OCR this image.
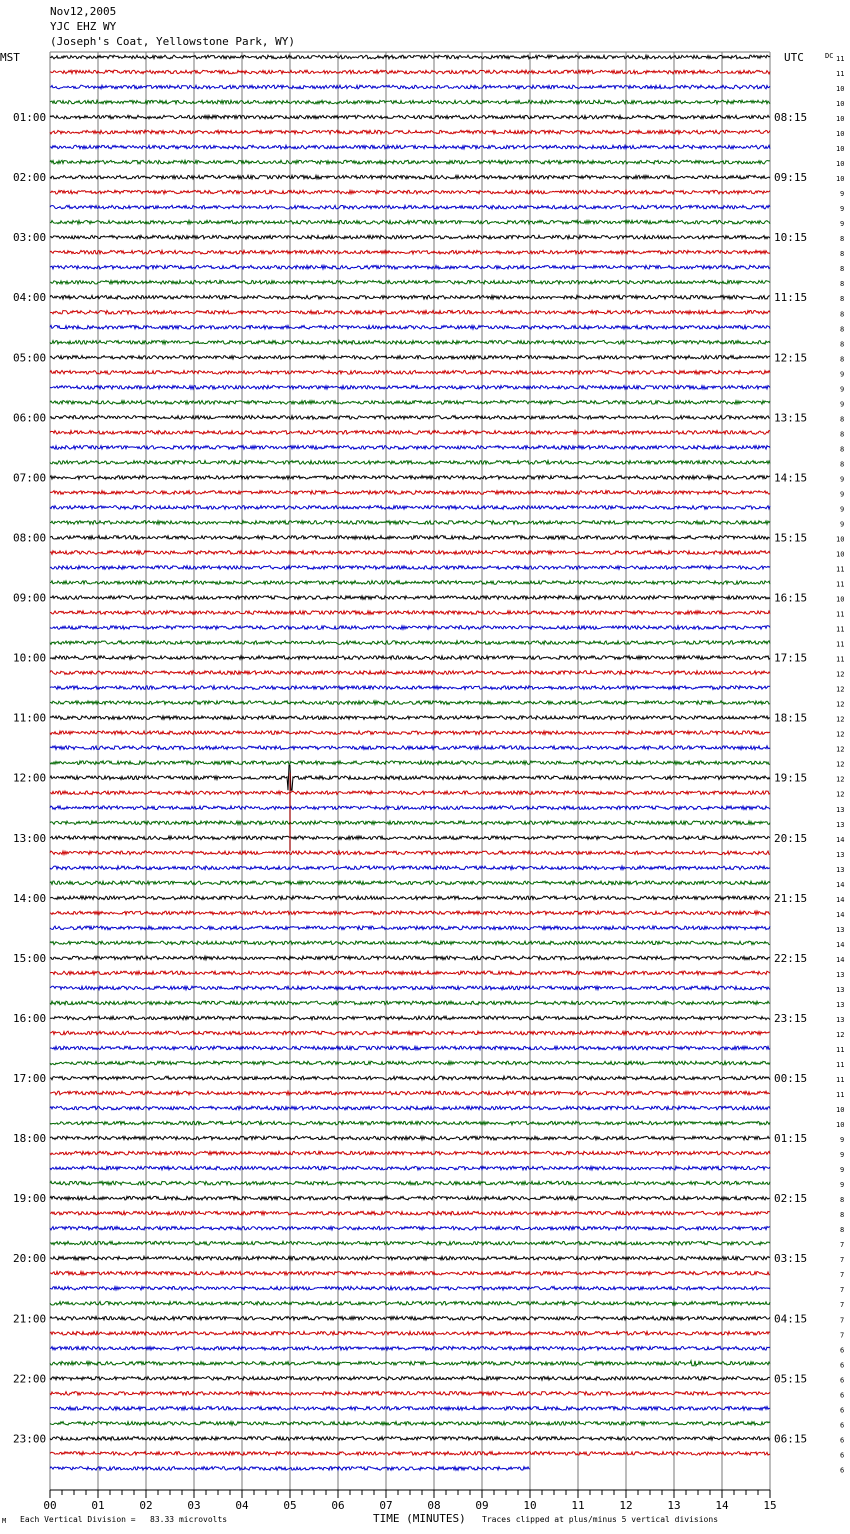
Nov12,2005
YJC EHZ WY
(Joseph's Coat, Yellowstone Park, WY)
MST	UTC	DC
01:00
02:00
03:00
04:00
05:00
06:00
07:00
08:00
09:00
10:00
11:00
12:00
13:00
14:00
15:00
16:00
17:00
18:00
19:00
20:00
21:00
22:00
23:00
08:15
09:15
10:15
11:15
12:15
13:15
14:15
15:15
16:15
17:15
18:15
19:15
20:15
21:15
22:15
23:15
00:15
01:15
02:15
03:15
04:15
05:15
06:15
11
11
10
10
10
10
10
10
10
9
9
9
8
8
8
8
8
8
8
8
8
9
9
9
8
8
8
8
9
9
9
9
10
10
11
11
10
11
11
11
11
12
12
12
12
12
12
12
12
12
13
13
14
13
13
14
14
14
13
14
14
13
13
13
13
12
11
11
11
11
10
10
9
9
9
9
8
8
8
7
7
7
7
7
7
7
6
6
6
6
6
6
6
6
6
00	01	02	03	04	05	06	07	08	09	10	11	12	13	14	15
M Each Vertical Division =   83.33 microvolts	TIME (MINUTES) Traces clipped at plus/minus 5 vertical divisions
